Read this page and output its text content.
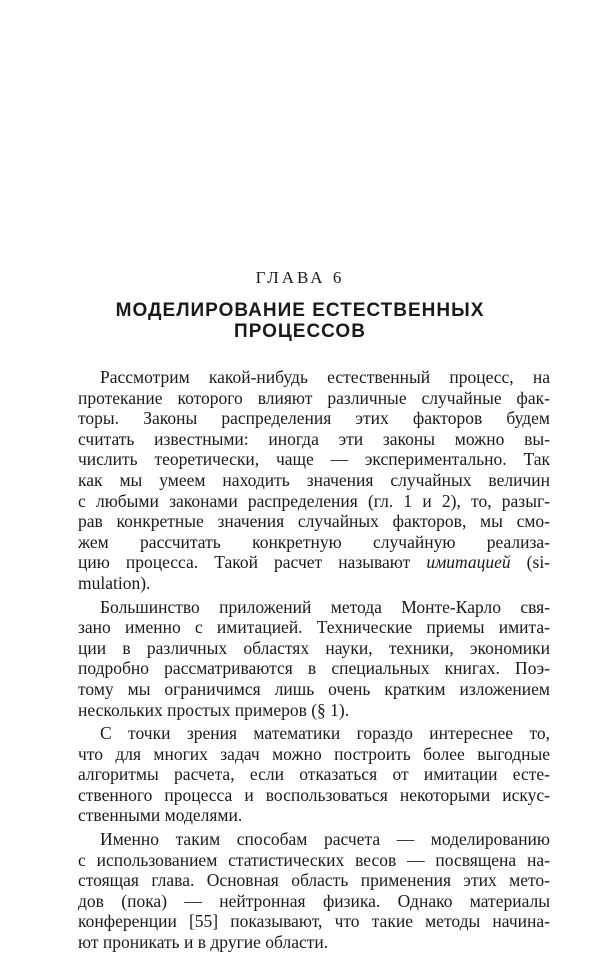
ГЛАВА 6
МОДЕЛИРОВАНИЕ ЕСТЕСТВЕННЫХ
ПРОЦЕССОВ
Рассмотрим какой-нибудь естественный процесс, на
протекание которого влияют различные случайные фак-
торы. Законы распределения этих факторов будем
считать известными: иногда эти законы можно вы-
числить теоретически, чаще — экспериментально. Так
как мы умеем находить значения случайных величин
с любыми законами распределения (гл. 1 и 2), то, разыг-
рав конкретные значения случайных факторов, мы смо-
жем рассчитать конкретную случайную реализа-
цию процесса. Такой расчет называют имитацией (si-
mulation).
Большинство приложений метода Монте-Карло свя-
зано именно с имитацией. Технические приемы имита-
ции в различных областях науки, техники, экономики
подробно рассматриваются в специальных книгах. Поэ-
тому мы ограничимся лишь очень кратким изложением
нескольких простых примеров (§ 1).
С точки зрения математики гораздо интереснее то,
что для многих задач можно построить более выгодные
алгоритмы расчета, если отказаться от имитации есте-
ственного процесса и воспользоваться некоторыми искус-
ственными моделями.
Именно таким способам расчета — моделированию
с использованием статистических весов — посвящена на-
стоящая глава. Основная область применения этих мето-
дов (пока) — нейтронная физика. Однако материалы
конференции [55] показывают, что такие методы начина-
ют проникать и в другие области.
